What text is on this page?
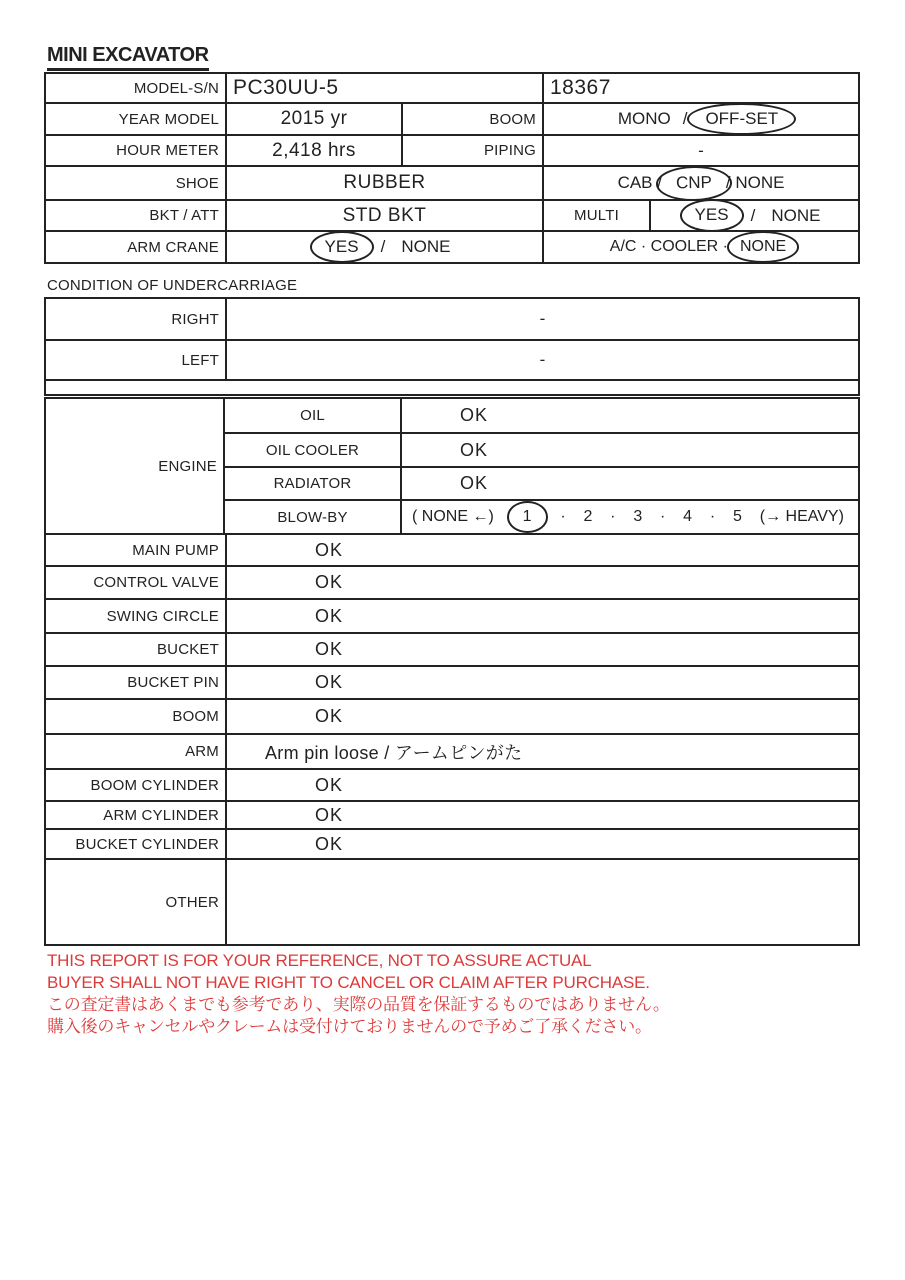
MINI EXCAVATOR
MODEL-S/N PC30UU-5	18367
YEAR MODEL	2015 yr	BOOM	MONO /	OFF-SET
HOUR METER	2,418 hrs	PIPING	-
SHOE	RUBBER	CAB / CNP / NONE
BKT / ATT	STD BKT	MULTI	YES	/ NONE
ARM CRANE	YES	/ NONE	A/C · COOLER · NONE
CONDITION OF UNDERCARRIAGE
RIGHT	-
LEFT	-
ENGINE
OIL	OK
OIL COOLER	OK
RADIATOR	OK
BLOW-BY	( NONE ←)	1	· 2 · 3 · 4 · 5 (→ HEAVY)
MAIN PUMP	OK
CONTROL VALVE	OK
SWING CIRCLE	OK
BUCKET	OK
BUCKET PIN	OK
BOOM	OK
ARM	Arm pin loose / アームピンがた
BOOM CYLINDER	OK
ARM CYLINDER	OK
BUCKET CYLINDER	OK
OTHER
THIS REPORT IS FOR YOUR REFERENCE, NOT TO ASSURE ACTUAL
BUYER SHALL NOT HAVE RIGHT TO CANCEL OR CLAIM AFTER PURCHASE.
この査定書はあくまでも参考であり、実際の品質を保証するものではありません。
購入後のキャンセルやクレームは受付けておりませんので予めご了承ください。
